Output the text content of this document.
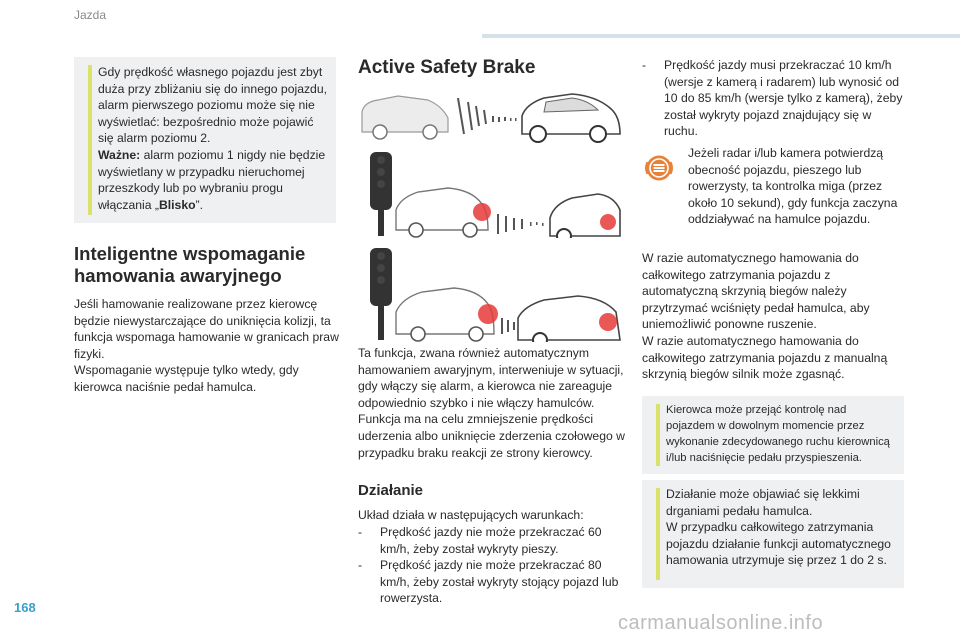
Jazda

Gdy prędkość własnego pojazdu jest zbyt duża przy zbliżaniu się do innego pojazdu, alarm pierwszego poziomu może się nie wyświetlać: bezpośrednio może pojawić się alarm poziomu 2.

Ważne: alarm poziomu 1 nigdy nie będzie wyświetlany w przypadku nieruchomej przeszkody lub po wybraniu progu włączania „Blisko”.

Inteligentne wspomaganie hamowania awaryjnego

Jeśli hamowanie realizowane przez kierowcę będzie niewystarczające do uniknięcia kolizji, ta funkcja wspomaga hamowanie w granicach praw fizyki.

Wspomaganie występuje tylko wtedy, gdy kierowca naciśnie pedał hamulca.

Active Safety Brake

Ta funkcja, zwana również automatycznym hamowaniem awaryjnym, interweniuje w sytuacji, gdy włączy się alarm, a kierowca nie zareaguje odpowiednio szybko i nie włączy hamulców.

Funkcja ma na celu zmniejszenie prędkości uderzenia albo uniknięcie zderzenia czołowego w przypadku braku reakcji ze strony kierowcy.

Działanie

Układ działa w następujących warunkach:

- Prędkość jazdy nie może przekraczać 60 km/h, żeby został wykryty pieszy.
- Prędkość jazdy nie może przekraczać 80 km/h, żeby został wykryty stojący pojazd lub rowerzysta.
- Prędkość jazdy musi przekraczać 10 km/h (wersje z kamerą i radarem) lub wynosić od 10 do 85 km/h (wersje tylko z kamerą), żeby został wykryty pojazd znajdujący się w ruchu.

Jeżeli radar i/lub kamera potwierdzą obecność pojazdu, pieszego lub rowerzysty, ta kontrolka miga (przez około 10 sekund), gdy funkcja zaczyna oddziaływać na hamulce pojazdu.

W razie automatycznego hamowania do całkowitego zatrzymania pojazdu z automatyczną skrzynią biegów należy przytrzymać wciśnięty pedał hamulca, aby uniemożliwić ponowne ruszenie.

W razie automatycznego hamowania do całkowitego zatrzymania pojazdu z manualną skrzynią biegów silnik może zgasnąć.

Kierowca może przejąć kontrolę nad pojazdem w dowolnym momencie przez wykonanie zdecydowanego ruchu kierownicą i/lub naciśnięcie pedału przyspieszenia.

Działanie może objawiać się lekkimi drganiami pedału hamulca.

W przypadku całkowitego zatrzymania pojazdu działanie funkcji automatycznego hamowania utrzymuje się przez 1 do 2 s.

168
carmanualsonline.info
